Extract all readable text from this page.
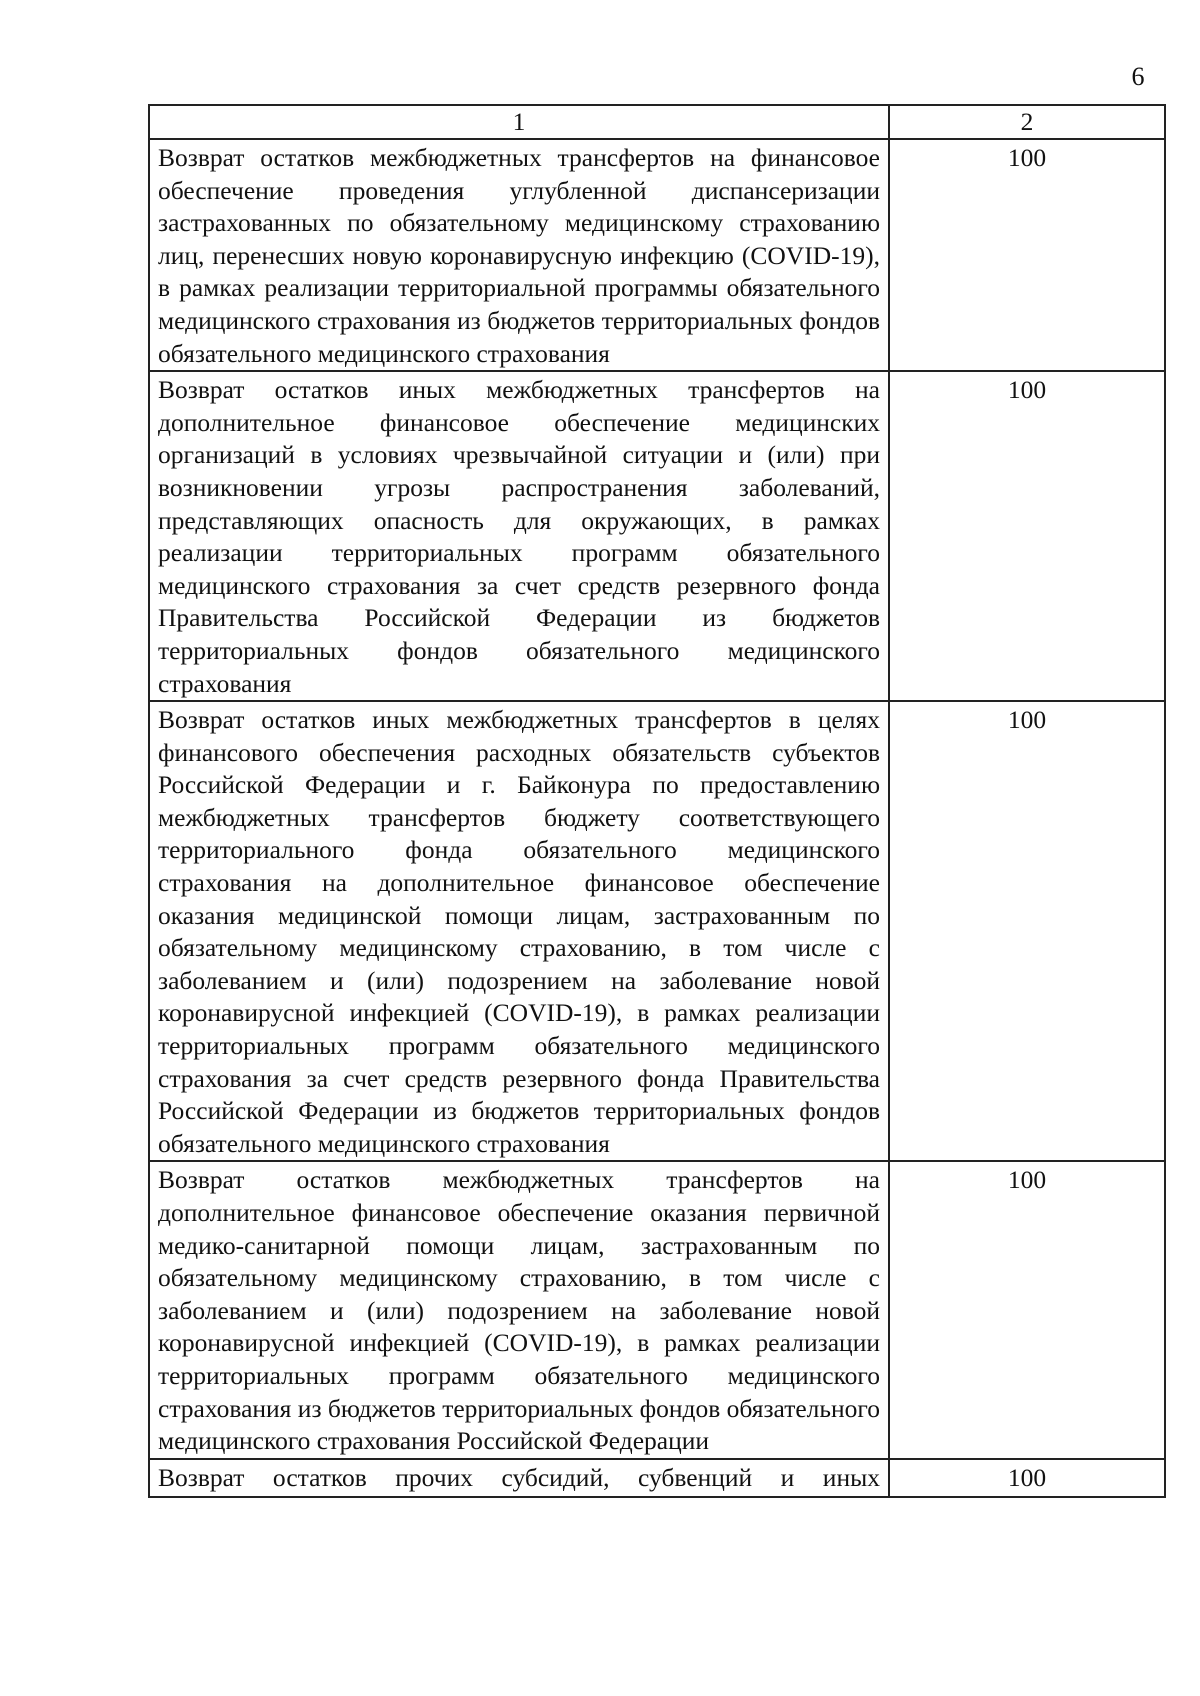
6
1	2
Возврат остатков межбюджетных трансфертов на финансовое обеспечение проведения углубленной диспансеризации застрахованных по обязательному медицинскому страхованию лиц, перенесших новую коронавирусную инфекцию (COVID-19), в рамках реализации территориальной программы обязательного медицинского страхования из бюджетов территориальных фондов обязательного медицинского страхования	100
Возврат остатков иных межбюджетных трансфертов на дополнительное финансовое обеспечение медицинских организаций в условиях чрезвычайной ситуации и (или) при возникновении угрозы распространения заболеваний, представляющих опасность для окружающих, в рамках реализации территориальных программ обязательного медицинского страхования за счет средств резервного фонда Правительства Российской Федерации из бюджетов территориальных фондов обязательного медицинского страхования	100
Возврат остатков иных межбюджетных трансфертов в целях финансового обеспечения расходных обязательств субъектов Российской Федерации и г. Байконура по предоставлению межбюджетных трансфертов бюджету соответствующего территориального фонда обязательного медицинского страхования на дополнительное финансовое обеспечение оказания медицинской помощи лицам, застрахованным по обязательному медицинскому страхованию, в том числе с заболеванием и (или) подозрением на заболевание новой коронавирусной инфекцией (COVID-19), в рамках реализации территориальных программ обязательного медицинского страхования за счет средств резервного фонда Правительства Российской Федерации из бюджетов территориальных фондов обязательного медицинского страхования	100
Возврат остатков межбюджетных трансфертов на дополнительное финансовое обеспечение оказания первичной медико-санитарной помощи лицам, застрахованным по обязательному медицинскому страхованию, в том числе с заболеванием и (или) подозрением на заболевание новой коронавирусной инфекцией (COVID-19), в рамках реализации территориальных программ обязательного медицинского страхования из бюджетов территориальных фондов обязательного медицинского страхования Российской Федерации	100
Возврат остатков прочих субсидий, субвенций и иных	100
